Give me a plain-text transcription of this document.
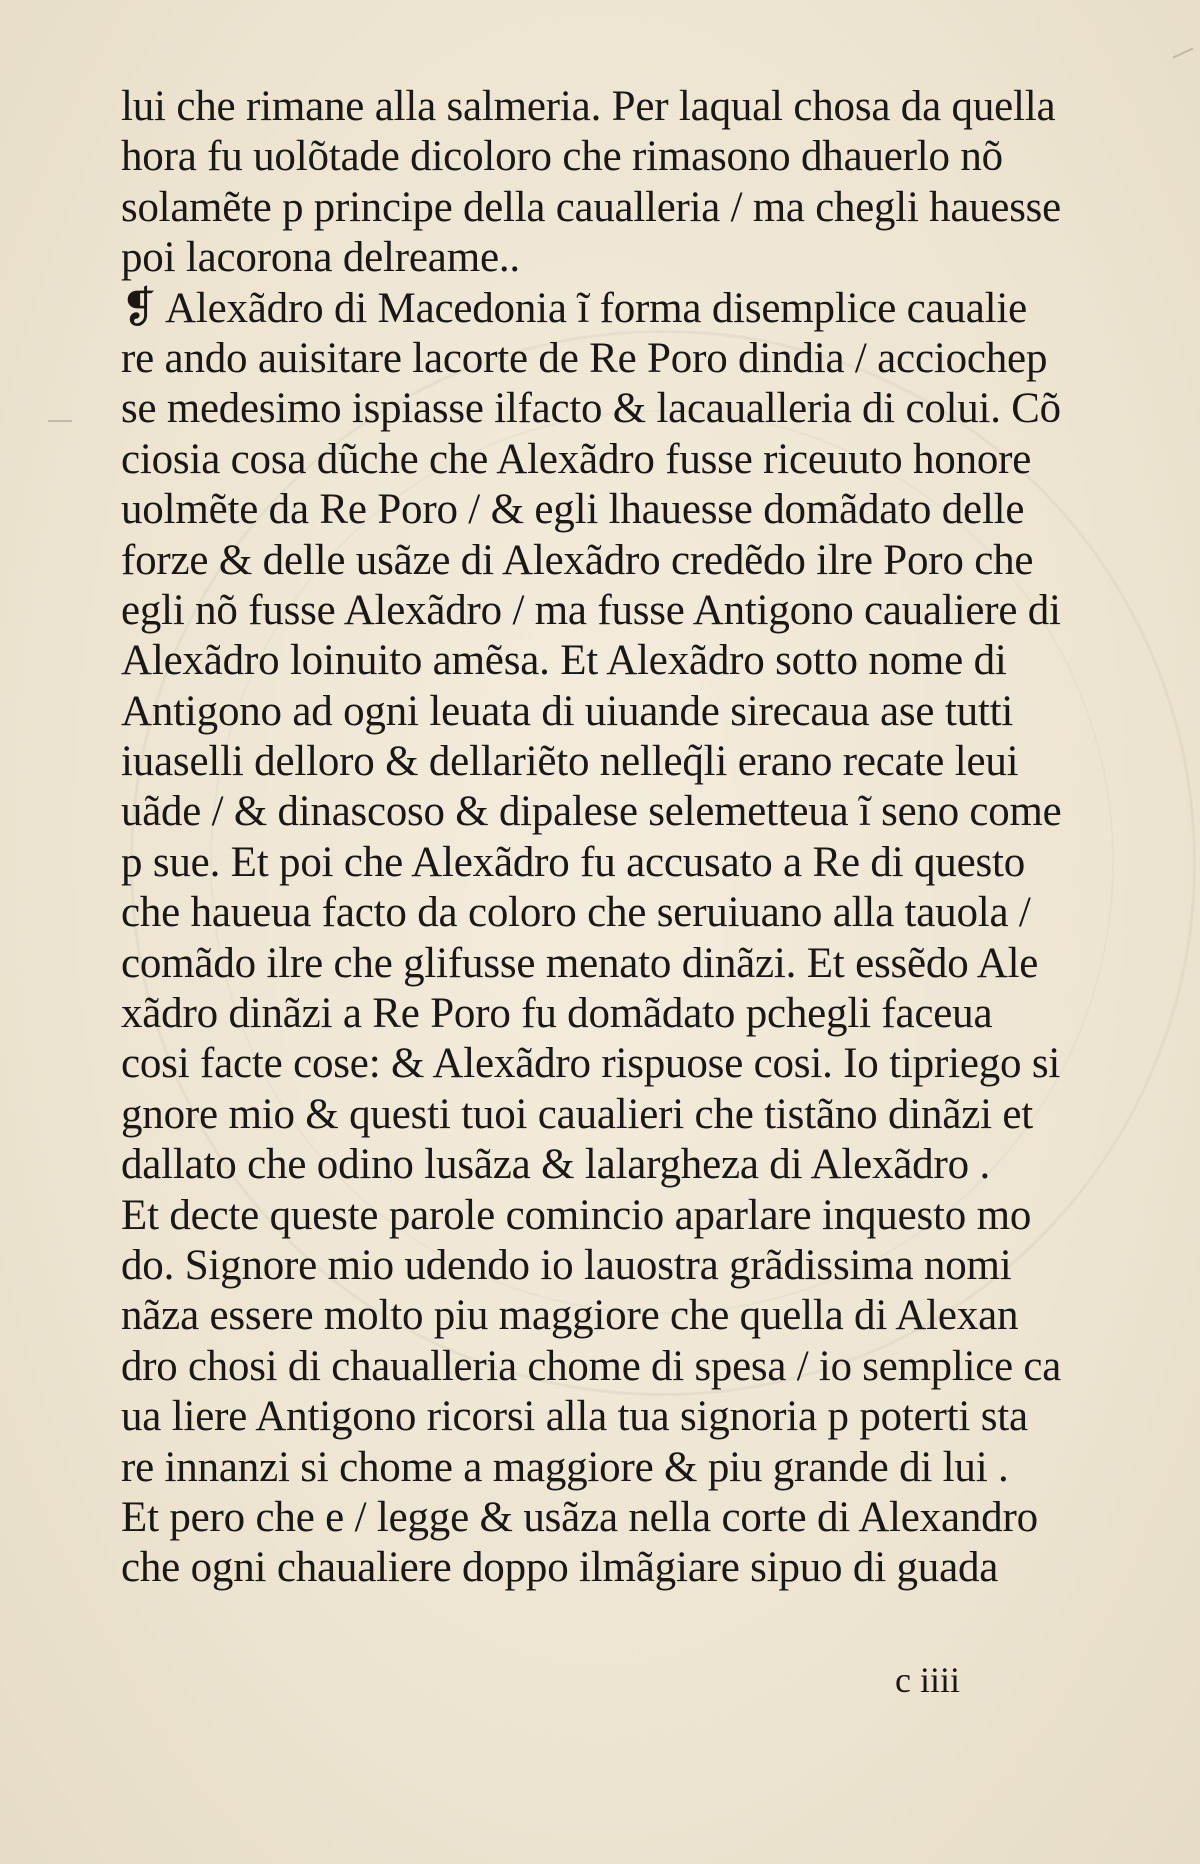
lui che rimane alla salmeria. Per laqual chosa da quella
hora fu uolõtade dicoloro che rimasono dhauerlo nõ
solamẽte p principe della caualleria / ma chegli hauesse
poi lacorona delreame..
❡ Alexãdro di Macedonia ĩ forma disemplice caualie
re ando auisitare lacorte de Re Poro dindia / acciochep
se medesimo ispiasse ilfacto & lacaualleria di colui. Cõ
ciosia cosa dũche che Alexãdro fusse riceuuto honore
uolmẽte da Re Poro / & egli lhauesse domãdato delle
forze & delle usãze di Alexãdro credẽdo ilre Poro che
egli nõ fusse Alexãdro / ma fusse Antigono caualiere di
Alexãdro loinuito amẽsa. Et Alexãdro sotto nome di
Antigono ad ogni leuata di uiuande sirecaua ase tutti
iuaselli delloro & dellariẽto nelleq̃li erano recate leui
uãde / & dinascoso & dipalese selemetteua ĩ seno come
p sue. Et poi che Alexãdro fu accusato a Re di questo
che haueua facto da coloro che seruiuano alla tauola /
comãdo ilre che glifusse menato dinãzi. Et essẽdo Ale
xãdro dinãzi a Re Poro fu domãdato pchegli faceua
cosi facte cose: & Alexãdro rispuose cosi. Io tipriego si
gnore mio & questi tuoi caualieri che tistãno dinãzi et
dallato che odino lusãza & lalargheza di Alexãdro .
Et decte queste parole comincio aparlare inquesto mo
do. Signore mio udendo io lauostra grãdissima nomi
nãza essere molto piu maggiore che quella di Alexan
dro chosi di chaualleria chome di spesa / io semplice ca
ua liere Antigono ricorsi alla tua signoria p poterti sta
re innanzi si chome a maggiore & piu grande di lui .
Et pero che e / legge & usãza nella corte di Alexandro
che ogni chaualiere doppo ilmãgiare sipuo di guada
c iiii
